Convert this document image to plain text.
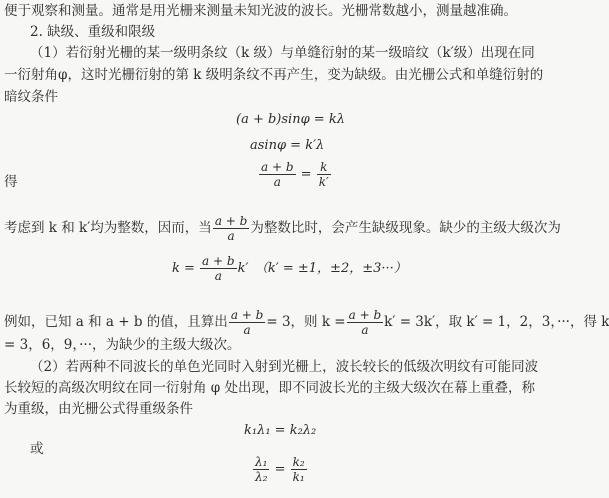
便于观察和测量。通常是用光栅来测量未知光波的波长。光栅常数越小，测量越准确。
2. 缺级、重级和限级
（1）若衍射光栅的某一级明条纹（k 级）与单缝衍射的某一级暗纹（k′级）出现在同
一衍射角φ，这时光栅衍射的第 k 级明条纹不再产生，变为缺级。由光栅公式和单缝衍射的
暗纹条件
(a + b)sinφ = kλ
asinφ = k′λ
得	$\frac{a + b}{a} = \frac{k}{k'}$
考虑到 k 和 k′均为整数，因而，当 $\frac{a + b}{a}$ 为整数比时，会产生缺级现象。缺少的主级大级次为
$k = \frac{a + b}{a} k'$　（k′ = ±1，±2，±3···）
例如，已知 a 和 a + b 的值，且算出 $\frac{a + b}{a} = 3$，则 $k = \frac{a + b}{a} k' = 3k'$，取 k′ = 1，2，3，···，得 k
= 3，6，9，···，为缺少的主级大级次。
（2）若两种不同波长的单色光同时入射到光栅上，波长较长的低级次明纹有可能同波
长较短的高级次明纹在同一衍射角 φ 处出现，即不同波长光的主级大级次在幕上重叠，称
为重级，由光栅公式得重级条件
k₁λ₁ = k₂λ₂
或
$\frac{\text{λ₁}}{\text{λ₂}} = \frac{\text{k₂}}{\text{k₁}}$
